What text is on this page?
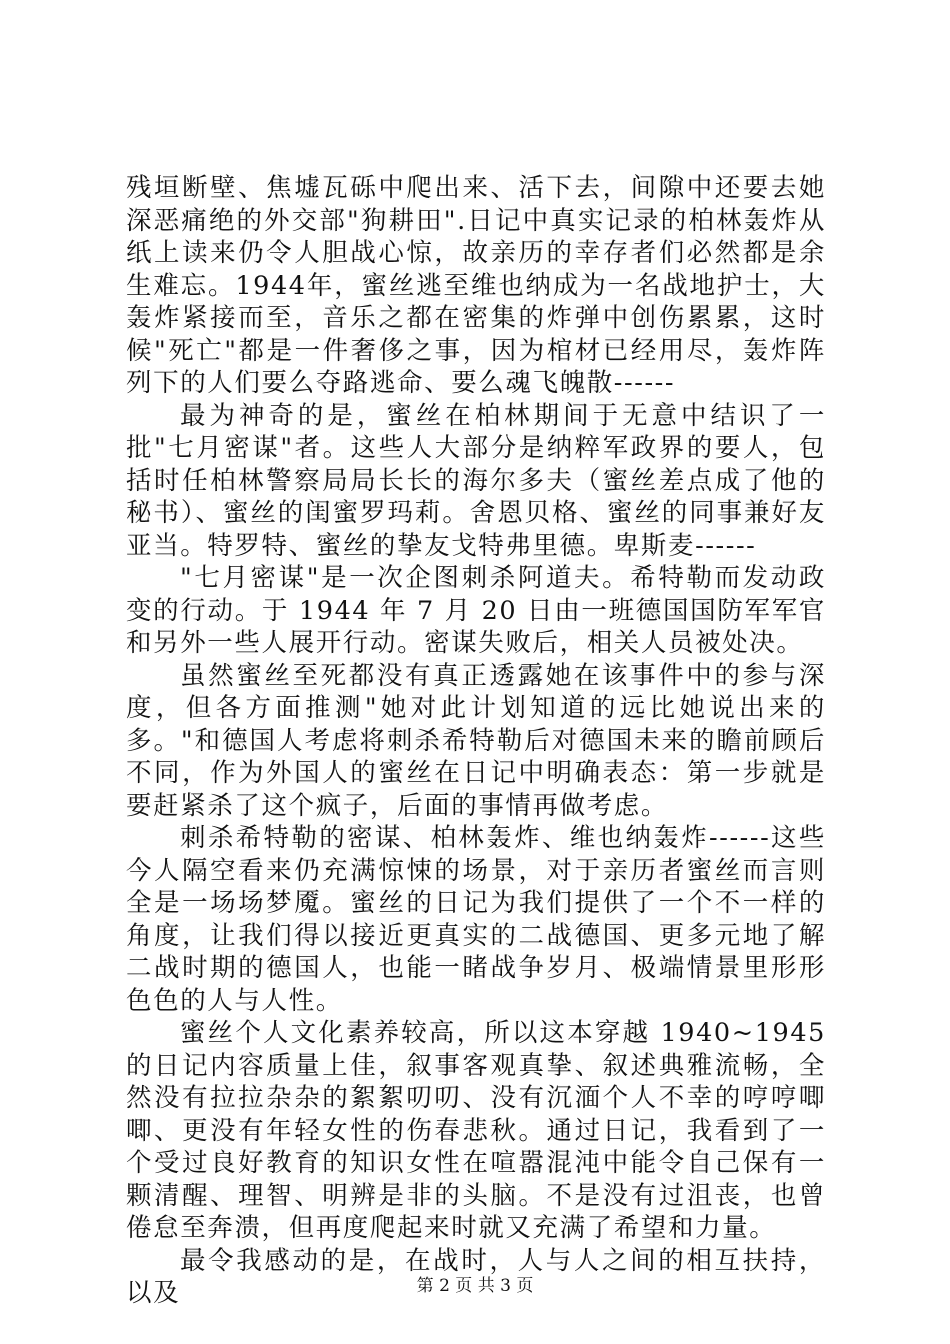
残垣断壁、焦墟瓦砾中爬出来、活下去，间隙中还要去她深恶痛绝的外交部"狗耕田".日记中真实记录的柏林轰炸从纸上读来仍令人胆战心惊，故亲历的幸存者们必然都是余生难忘。1944年，蜜丝逃至维也纳成为一名战地护士，大轰炸紧接而至，音乐之都在密集的炸弹中创伤累累，这时候"死亡"都是一件奢侈之事，因为棺材已经用尽，轰炸阵列下的人们要么夺路逃命、要么魂飞魄散------

最为神奇的是，蜜丝在柏林期间于无意中结识了一批"七月密谋"者。这些人大部分是纳粹军政界的要人，包括时任柏林警察局局长长的海尔多夫（蜜丝差点成了他的秘书）、蜜丝的闺蜜罗玛莉。舍恩贝格、蜜丝的同事兼好友亚当。特罗特、蜜丝的挚友戈特弗里德。卑斯麦------

"七月密谋"是一次企图刺杀阿道夫。希特勒而发动政变的行动。于 1944 年 7 月 20 日由一班德国国防军军官和另外一些人展开行动。密谋失败后，相关人员被处决。

虽然蜜丝至死都没有真正透露她在该事件中的参与深度，但各方面推测"她对此计划知道的远比她说出来的多。"和德国人考虑将刺杀希特勒后对德国未来的瞻前顾后不同，作为外国人的蜜丝在日记中明确表态：第一步就是要赶紧杀了这个疯子，后面的事情再做考虑。

刺杀希特勒的密谋、柏林轰炸、维也纳轰炸------这些今人隔空看来仍充满惊悚的场景，对于亲历者蜜丝而言则全是一场场梦魇。蜜丝的日记为我们提供了一个不一样的角度，让我们得以接近更真实的二战德国、更多元地了解二战时期的德国人，也能一睹战争岁月、极端情景里形形色色的人与人性。

蜜丝个人文化素养较高，所以这本穿越 1940~1945 的日记内容质量上佳，叙事客观真挚、叙述典雅流畅，全然没有拉拉杂杂的絮絮叨叨、没有沉湎个人不幸的哼哼唧唧、更没有年轻女性的伤春悲秋。通过日记，我看到了一个受过良好教育的知识女性在喧嚣混沌中能令自己保有一颗清醒、理智、明辨是非的头脑。不是没有过沮丧，也曾倦怠至奔溃，但再度爬起来时就又充满了希望和力量。

最令我感动的是，在战时，人与人之间的相互扶持，以及	第 2 页 共 3 页
